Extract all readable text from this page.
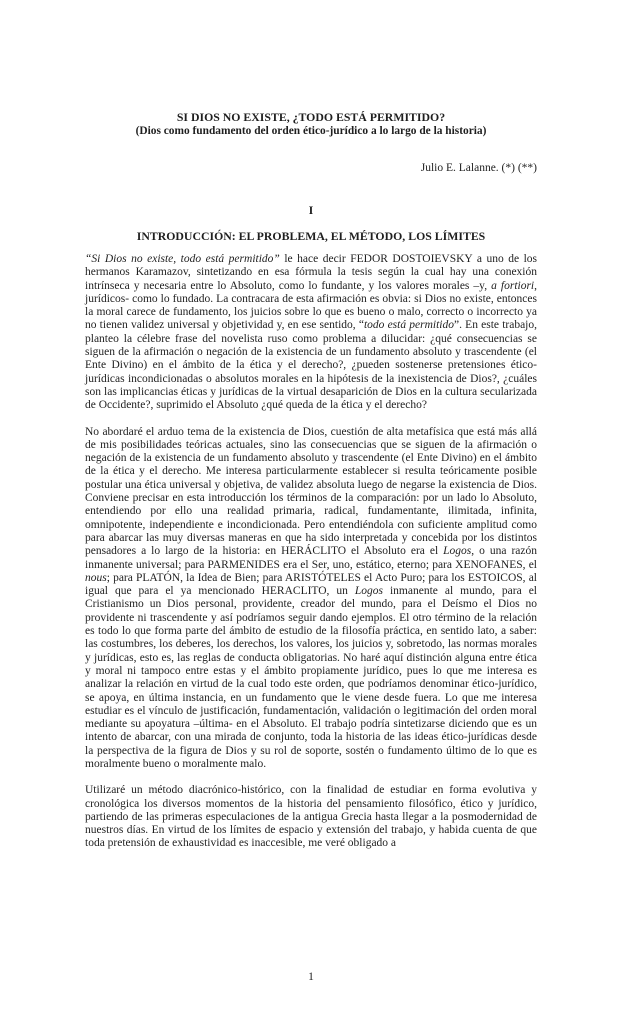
SI DIOS NO EXISTE, ¿TODO ESTÁ PERMITIDO?
(Dios como fundamento del orden ético-jurídico a lo largo de la historia)
Julio E. Lalanne. (*) (**)
I
INTRODUCCIÓN: EL PROBLEMA, EL MÉTODO, LOS LÍMITES

“Si Dios no existe, todo está permitido” le hace decir FEDOR DOSTOIEVSKY a uno de los hermanos Karamazov, sintetizando en esa fórmula la tesis según la cual hay una conexión intrínseca y necesaria entre lo Absoluto, como lo fundante, y los valores morales –y, a fortiori, jurídicos- como lo fundado. La contracara de esta afirmación es obvia: si Dios no existe, entonces la moral carece de fundamento, los juicios sobre lo que es bueno o malo, correcto o incorrecto ya no tienen validez universal y objetividad y, en ese sentido, “todo está permitido”. En este trabajo, planteo la célebre frase del novelista ruso como problema a dilucidar: ¿qué consecuencias se siguen de la afirmación o negación de la existencia de un fundamento absoluto y trascendente (el Ente Divino) en el ámbito de la ética y el derecho?, ¿pueden sostenerse pretensiones ético-jurídicas incondicionadas o absolutos morales en la hipótesis de la inexistencia de Dios?, ¿cuáles son las implicancias éticas y jurídicas de la virtual desaparición de Dios en la cultura secularizada de Occidente?, suprimido el Absoluto ¿qué queda de la ética y el derecho?

No abordaré el arduo tema de la existencia de Dios, cuestión de alta metafísica que está más allá de mis posibilidades teóricas actuales, sino las consecuencias que se siguen de la afirmación o negación de la existencia de un fundamento absoluto y trascendente (el Ente Divino) en el ámbito de la ética y el derecho. Me interesa particularmente establecer si resulta teóricamente posible postular una ética universal y objetiva, de validez absoluta luego de negarse la existencia de Dios. Conviene precisar en esta introducción los términos de la comparación: por un lado lo Absoluto, entendiendo por ello una realidad primaria, radical, fundamentante, ilimitada, infinita, omnipotente, independiente e incondicionada. Pero entendiéndola con suficiente amplitud como para abarcar las muy diversas maneras en que ha sido interpretada y concebida por los distintos pensadores a lo largo de la historia: en HERÁCLITO el Absoluto era el Logos, o una razón inmanente universal; para PARMENIDES era el Ser, uno, estático, eterno; para XENOFANES, el nous; para PLATÓN, la Idea de Bien; para ARISTÓTELES el Acto Puro; para los ESTOICOS, al igual que para el ya mencionado HERACLITO, un Logos inmanente al mundo, para el Cristianismo un Dios personal, providente, creador del mundo, para el Deísmo el Dios no providente ni trascendente y así podríamos seguir dando ejemplos. El otro término de la relación es todo lo que forma parte del ámbito de estudio de la filosofía práctica, en sentido lato, a saber: las costumbres, los deberes, los derechos, los valores, los juicios y, sobretodo, las normas morales y jurídicas, esto es, las reglas de conducta obligatorias. No haré aquí distinción alguna entre ética y moral ni tampoco entre estas y el ámbito propiamente jurídico, pues lo que me interesa es analizar la relación en virtud de la cual todo este orden, que podríamos denominar ético-jurídico, se apoya, en última instancia, en un fundamento que le viene desde fuera. Lo que me interesa estudiar es el vínculo de justificación, fundamentación, validación o legitimación del orden moral mediante su apoyatura –última- en el Absoluto. El trabajo podría sintetizarse diciendo que es un intento de abarcar, con una mirada de conjunto, toda la historia de las ideas ético-jurídicas desde la perspectiva de la figura de Dios y su rol de soporte, sostén o fundamento último de lo que es moralmente bueno o moralmente malo.

Utilizaré un método diacrónico-histórico, con la finalidad de estudiar en forma evolutiva y cronológica los diversos momentos de la historia del pensamiento filosófico, ético y jurídico, partiendo de las primeras especulaciones de la antigua Grecia hasta llegar a la posmodernidad de nuestros días. En virtud de los límites de espacio y extensión del trabajo, y habida cuenta de que toda pretensión de exhaustividad es inaccesible, me veré obligado a

1
